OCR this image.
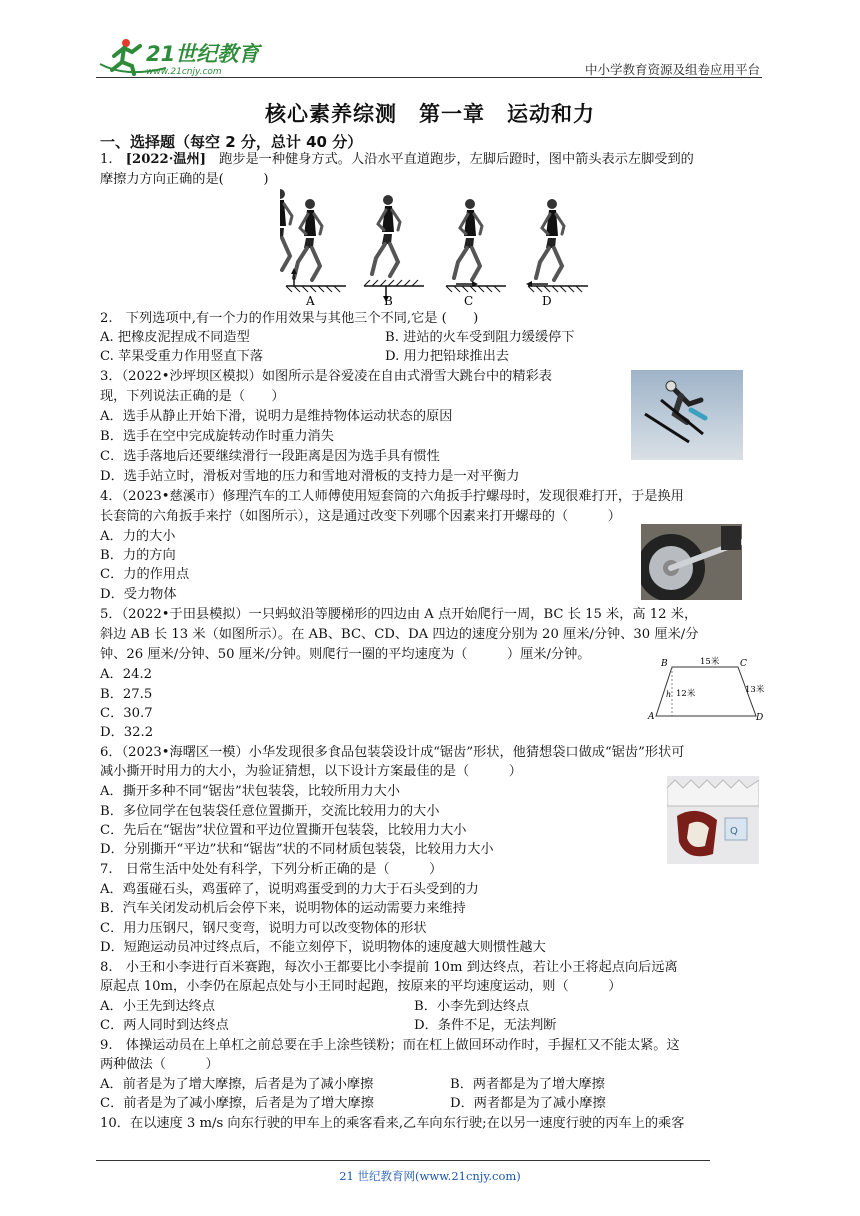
21世纪教育
www.21cnjy.com	中小学教育资源及组卷应用平台
核心素养综测　第一章　运动和力
一、选择题（每空 2 分，总计 40 分）
1.　[2022·温州]　跑步是一种健身方式。人沿水平直道跑步，左脚后蹬时，图中箭头表示左脚受到的
摩擦力方向正确的是(　　　)
A	B	C	D
2.　下列选项中,有一个力的作用效果与其他三个不同,它是 (　　)
A. 把橡皮泥捏成不同造型	B. 进站的火车受到阻力缓缓停下
C. 苹果受重力作用竖直下落	D. 用力把铅球推出去
3．（2022•沙坪坝区模拟）如图所示是谷爱凌在自由式滑雪大跳台中的精彩表
现，下列说法正确的是（　　）
A．选手从静止开始下滑，说明力是维持物体运动状态的原因
B．选手在空中完成旋转动作时重力消失
C．选手落地后还要继续滑行一段距离是因为选手具有惯性
D．选手站立时，滑板对雪地的压力和雪地对滑板的支持力是一对平衡力
4．（2023•慈溪市）修理汽车的工人师傅使用短套筒的六角扳手拧螺母时，发现很难打开，于是换用
长套筒的六角扳手来拧（如图所示），这是通过改变下列哪个因素来打开螺母的（　　　）
A．力的大小
B．力的方向
C．力的作用点
D．受力物体
5．（2022•于田县模拟）一只蚂蚁沿等腰梯形的四边由 A 点开始爬行一周，BC 长 15 米，高 12 米，
斜边 AB 长 13 米（如图所示）。在 AB、BC、CD、DA 四边的速度分别为 20 厘米/分钟、30 厘米/分
钟、26 厘米/分钟、50 厘米/分钟。则爬行一圈的平均速度为（　　　）厘米/分钟。
A．24.2
B．27.5
C．30.7
D．32.2
B	C
A	D
15米
h 12米	13米
6．（2023•海曙区一模）小华发现很多食品包装袋设计成“锯齿”形状，他猜想袋口做成“锯齿”形状可
减小撕开时用力的大小，为验证猜想，以下设计方案最佳的是（　　　）
A．撕开多种不同“锯齿”状包装袋，比较所用力大小
B．多位同学在包装袋任意位置撕开，交流比较用力的大小
C．先后在“锯齿”状位置和平边位置撕开包装袋，比较用力大小
D．分别撕开“平边”状和“锯齿”状的不同材质包装袋，比较用力大小
Q
7.　日常生活中处处有科学，下列分析正确的是（　　　）
A．鸡蛋碰石头，鸡蛋碎了，说明鸡蛋受到的力大于石头受到的力
B．汽车关闭发动机后会停下来，说明物体的运动需要力来维持
C．用力压钢尺，钢尺变弯，说明力可以改变物体的形状
D．短跑运动员冲过终点后，不能立刻停下，说明物体的速度越大则惯性越大
8.　小王和小李进行百米赛跑，每次小王都要比小李提前 10m 到达终点，若让小王将起点向后远离
原起点 10m，小李仍在原起点处与小王同时起跑，按原来的平均速度运动，则（　　　）
A．小王先到达终点	B．小李先到达终点
C．两人同时到达终点	D．条件不足，无法判断
9.　体操运动员在上单杠之前总要在手上涂些镁粉；而在杠上做回环动作时，手握杠又不能太紧。这
两种做法（　　　）
A．前者是为了增大摩擦，后者是为了减小摩擦	B．两者都是为了增大摩擦
C．前者是为了减小摩擦，后者是为了增大摩擦	D．两者都是为了减小摩擦
10．在以速度 3 m/s 向东行驶的甲车上的乘客看来,乙车向东行驶;在以另一速度行驶的丙车上的乘客
21 世纪教育网(www.21cnjy.com)
